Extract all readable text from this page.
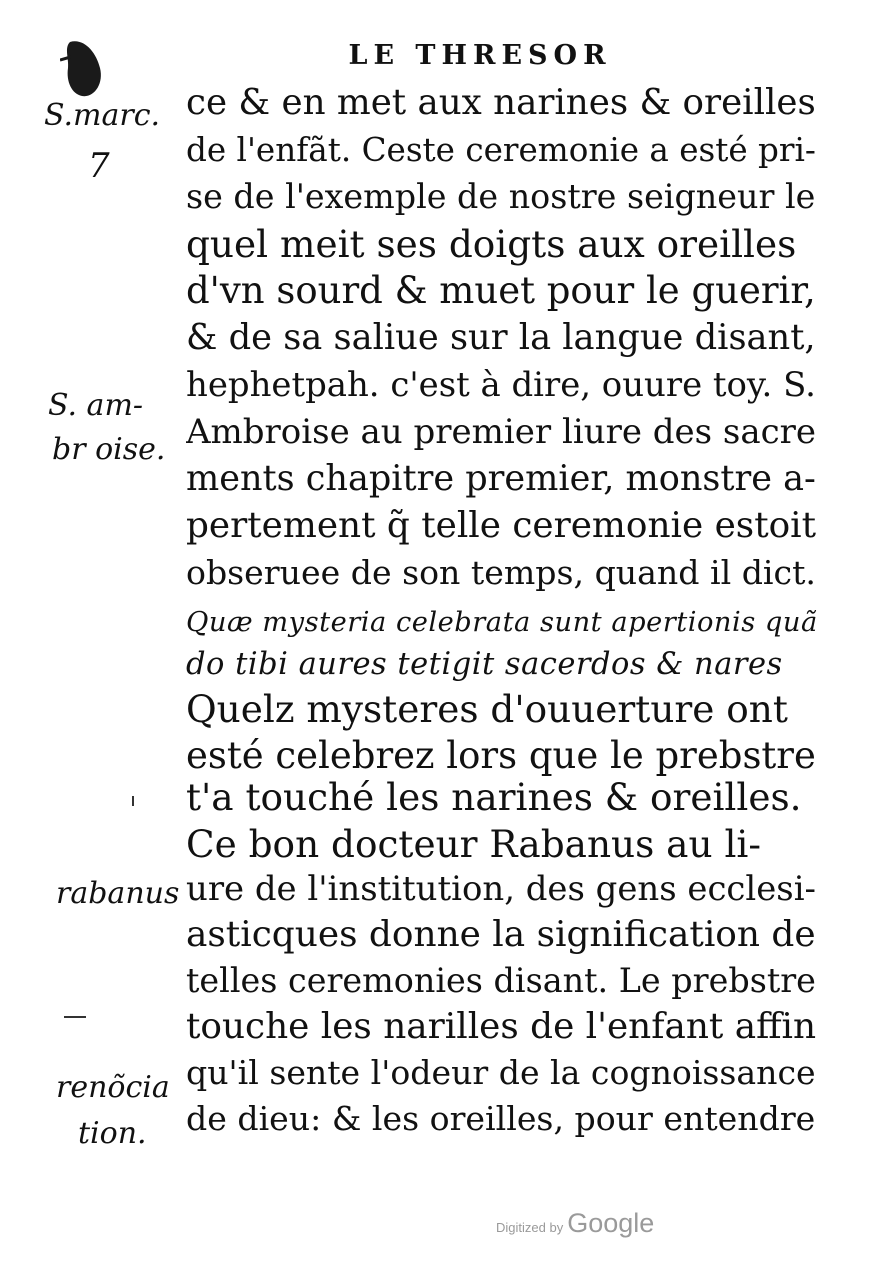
LE THRESOR
S.marc.
7
S. am-
br oise.
rabanus
renõcia
tion.
ce & en met aux narines & oreilles
de l'enfãt. Ceste ceremonie a esté pri-
se de l'exemple de nostre seigneur le
quel meit ses doigts aux oreilles
d'vn sourd & muet pour le guerir,
& de sa saliue sur la langue disant,
hephetpah. c'est à dire, ouure toy. S.
Ambroise au premier liure des sacre
ments chapitre premier, monstre a-
pertement q̃ telle ceremonie estoit
obseruee de son temps, quand il dict.
Quæ mysteria celebrata sunt apertionis quã
do tibi aures tetigit sacerdos & nares
Quelz mysteres d'ouuerture ont
esté celebrez lors que le prebstre
t'a touché les narines & oreilles.
Ce bon docteur Rabanus au li-
ure de l'institution, des gens ecclesi-
asticques donne la signification de
telles ceremonies disant. Le prebstre
touche les narilles de l'enfant affin
qu'il sente l'odeur de la cognoissance
de dieu: & les oreilles, pour entendre
Digitized by Google
